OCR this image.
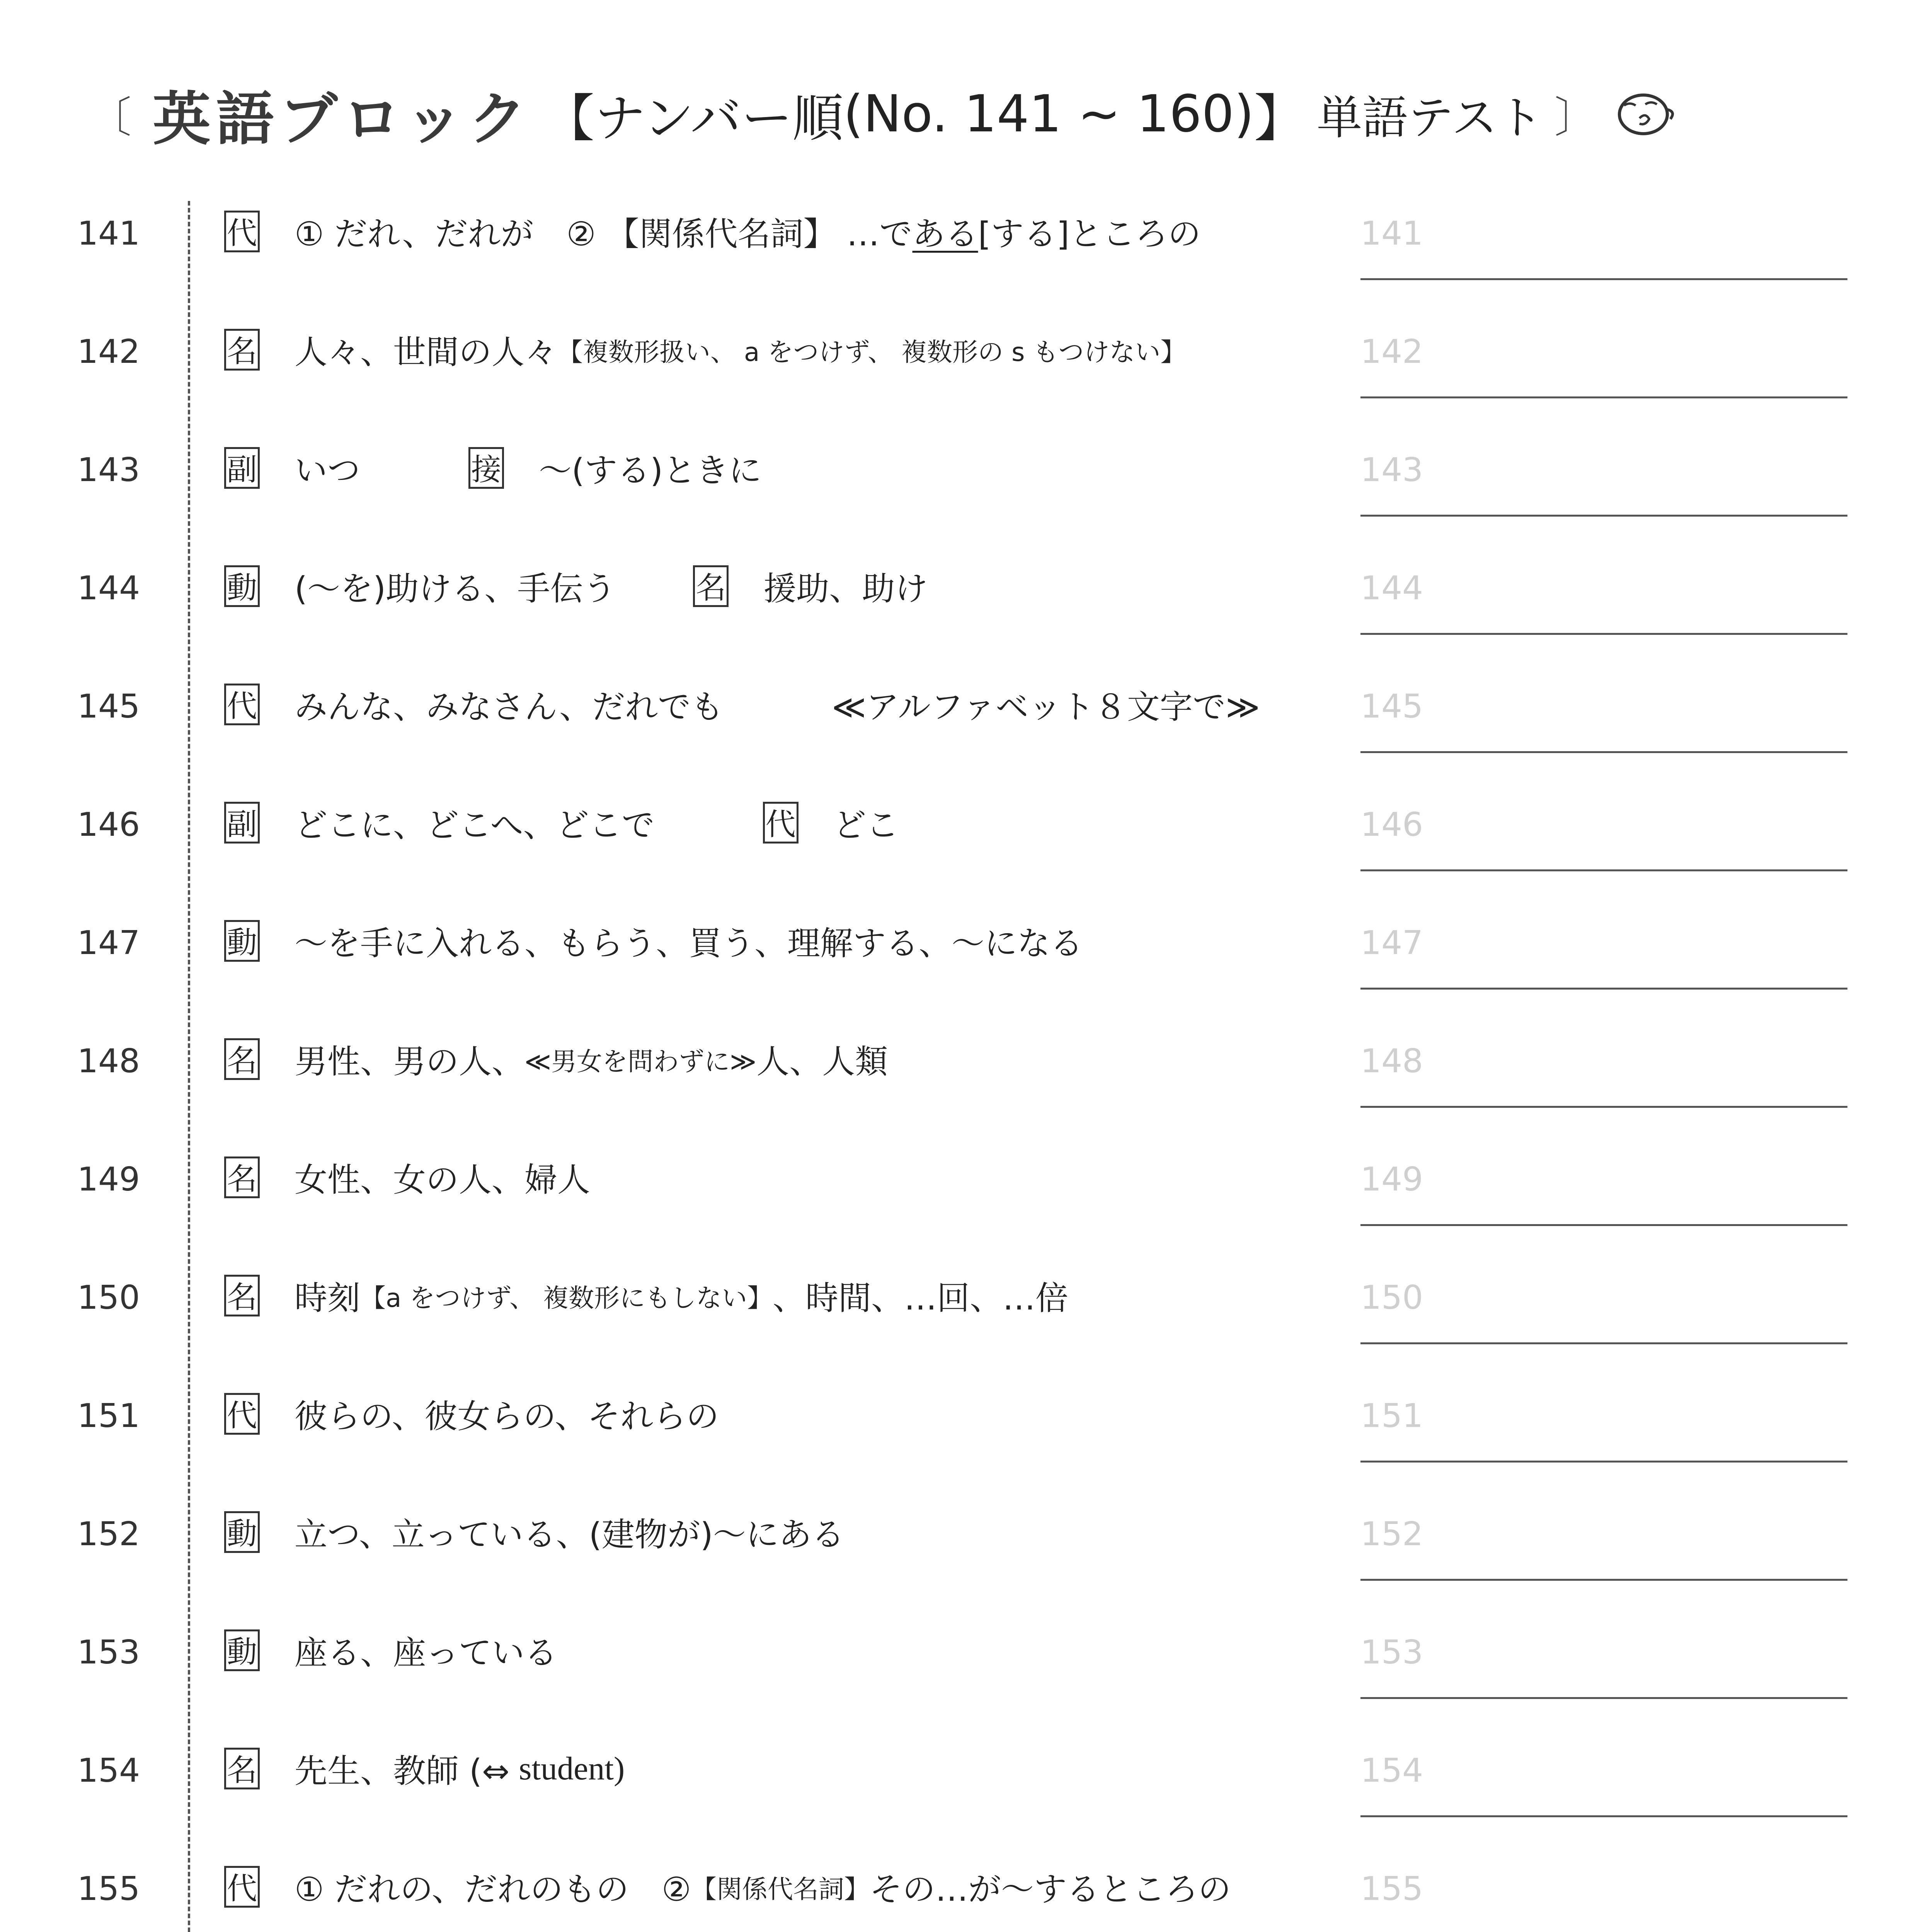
〔 英語ブロック 【ナンバー順 (No. 141 ~ 160) 】 単語テスト 〕
141	代 ① だれ、だれが　② 【関係代名詞】 …で ある [する]ところの	141
142	名 人々、世間の人々 【複数形扱い、 a をつけず、 複数形の s もつけない】	142
143	副 いつ	接 ～(する)ときに	143
144	動 (～を)助ける、手伝う	名 援助、助け	144
145	代 みんな、みなさん、だれでも	≪アルファベット８文字で≫	145
146	副 どこに、どこへ、どこで	代 どこ	146
147	動 ～を手に入れる、もらう、買う、理解する、～になる	147
148	名 男性、男の人、 ≪男女を問わずに≫ 人、人類	148
149	名 女性、女の人、婦人	149
150	名 時刻 【a をつけず、 複数形にもしない】 、時間、…回、…倍	150
151	代 彼らの、彼女らの、それらの	151
152	動 立つ、立っている、(建物が)～にある	152
153	動 座る、座っている	153
154	名 先生、教師 (⇔ student)	154
155	代 ① だれの、だれのもの　② 【関係代名詞】 その…が～するところの	155
